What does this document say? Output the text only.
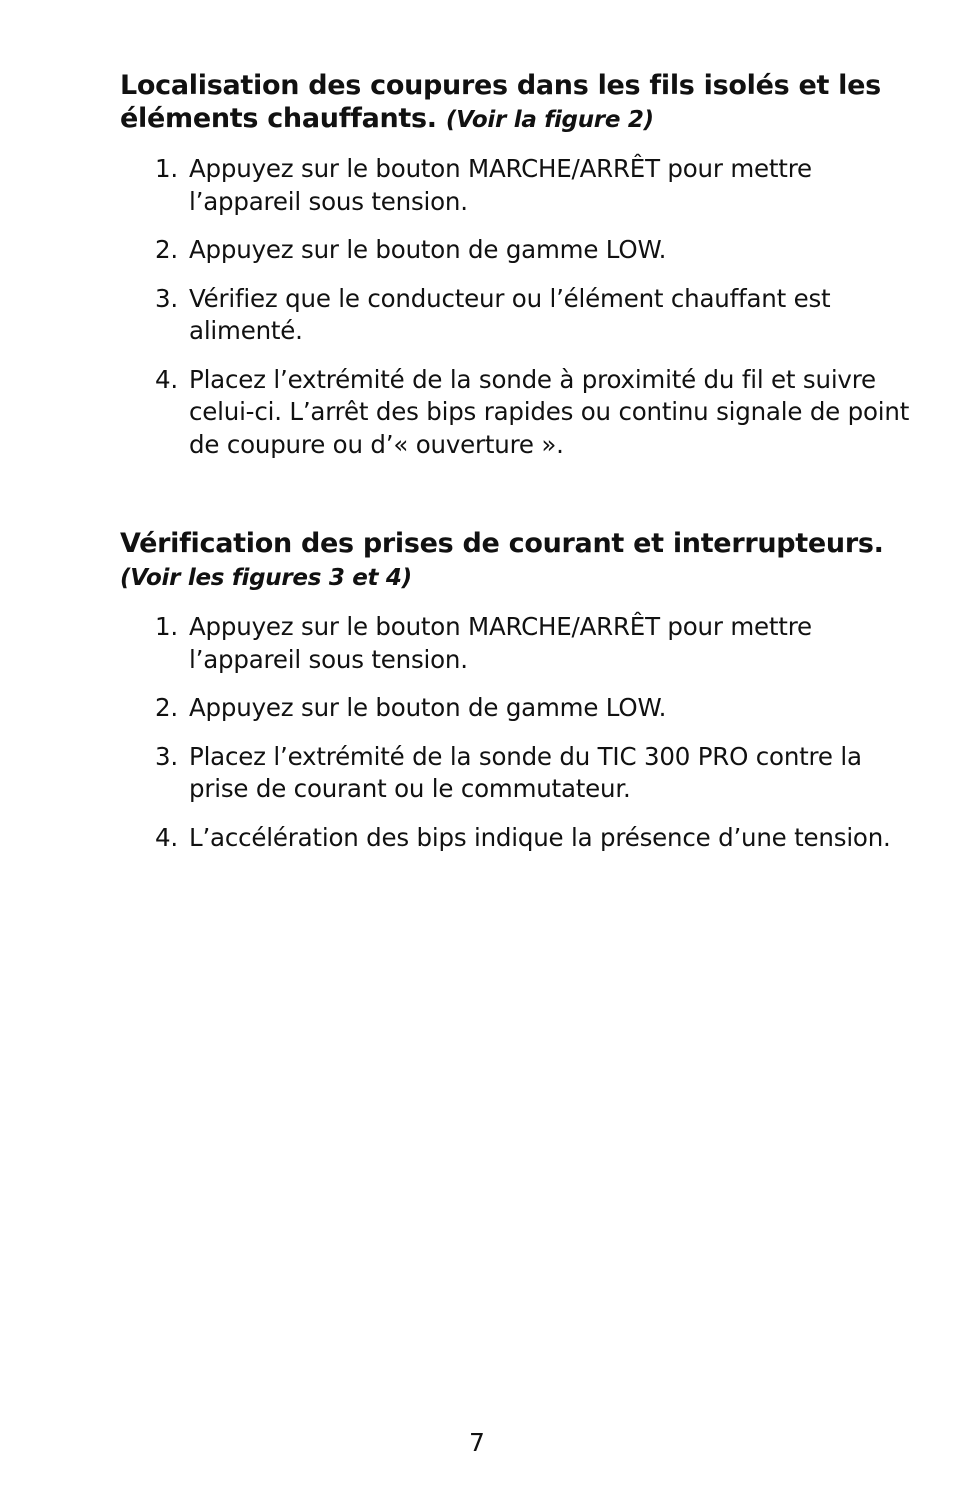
Localisation des coupures dans les fils isolés et les éléments chauffants. (Voir la figure 2)
1. Appuyez sur le bouton MARCHE/ARRÊT pour mettre l’appareil sous tension.
2. Appuyez sur le bouton de gamme LOW.
3. Vérifiez que le conducteur ou l’élément chauffant est alimenté.
4. Placez l’extrémité de la sonde à proximité du fil et suivre celui-ci. L’arrêt des bips rapides ou continu signale de point de coupure ou d’« ouverture ».
Vérification des prises de courant et interrupteurs. (Voir les figures 3 et 4)
1. Appuyez sur le bouton MARCHE/ARRÊT pour mettre l’appareil sous tension.
2. Appuyez sur le bouton de gamme LOW.
3. Placez l’extrémité de la sonde du TIC 300 PRO contre la prise de courant ou le commutateur.
4. L’accélération des bips indique la présence d’une tension.
7
